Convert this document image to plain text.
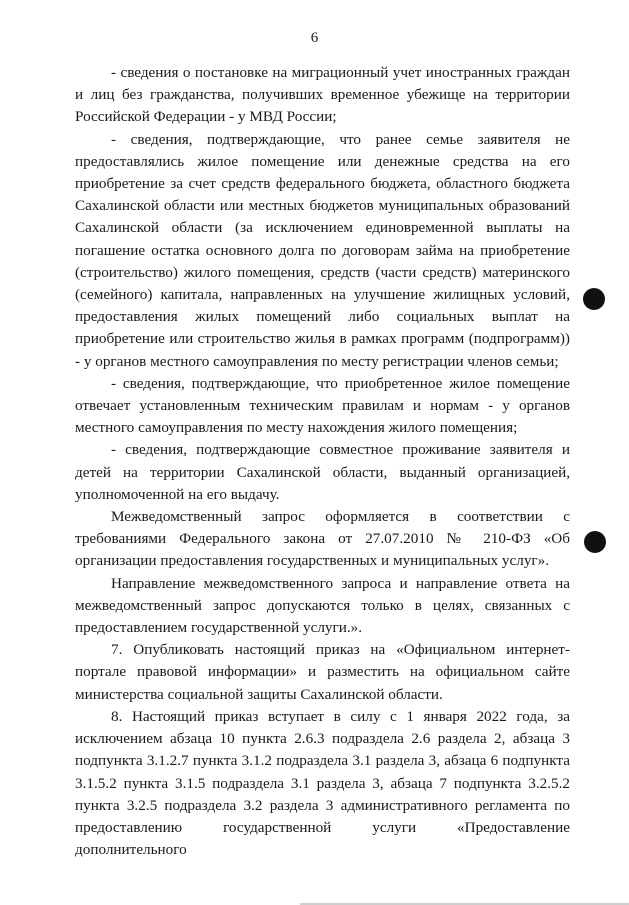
6

- сведения о постановке на миграционный учет иностранных граждан и лиц без гражданства, получивших временное убежище на территории Российской Федерации - у МВД России;

- сведения, подтверждающие, что ранее семье заявителя не предоставлялись жилое помещение или денежные средства на его приобретение за счет средств федерального бюджета, областного бюджета Сахалинской области или местных бюджетов муниципальных образований Сахалинской области (за исключением единовременной выплаты на погашение остатка основного долга по договорам займа на приобретение (строительство) жилого помещения, средств (части средств) материнского (семейного) капитала, направленных на улучшение жилищных условий, предоставления жилых помещений либо социальных выплат на приобретение или строительство жилья в рамках программ (подпрограмм)) - у органов местного самоуправления по месту регистрации членов семьи;

- сведения, подтверждающие, что приобретенное жилое помещение отвечает установленным техническим правилам и нормам - у органов местного самоуправления по месту нахождения жилого помещения;

- сведения, подтверждающие совместное проживание заявителя и детей на территории Сахалинской области, выданный организацией, уполномоченной на его выдачу.

Межведомственный запрос оформляется в соответствии с требованиями Федерального закона от 27.07.2010 № 210-ФЗ «Об организации предоставления государственных и муниципальных услуг».

Направление межведомственного запроса и направление ответа на межведомственный запрос допускаются только в целях, связанных с предоставлением государственной услуги.».

7. Опубликовать настоящий приказ на «Официальном интернет-портале правовой информации» и разместить на официальном сайте министерства социальной защиты Сахалинской области.

8. Настоящий приказ вступает в силу с 1 января 2022 года, за исключением абзаца 10 пункта 2.6.3 подраздела 2.6 раздела 2, абзаца 3 подпункта 3.1.2.7 пункта 3.1.2 подраздела 3.1 раздела 3, абзаца 6 подпункта 3.1.5.2 пункта 3.1.5 подраздела 3.1 раздела 3, абзаца 7 подпункта 3.2.5.2 пункта 3.2.5 подраздела 3.2 раздела 3 административного регламента по предоставлению государственной услуги «Предоставление дополнительного
